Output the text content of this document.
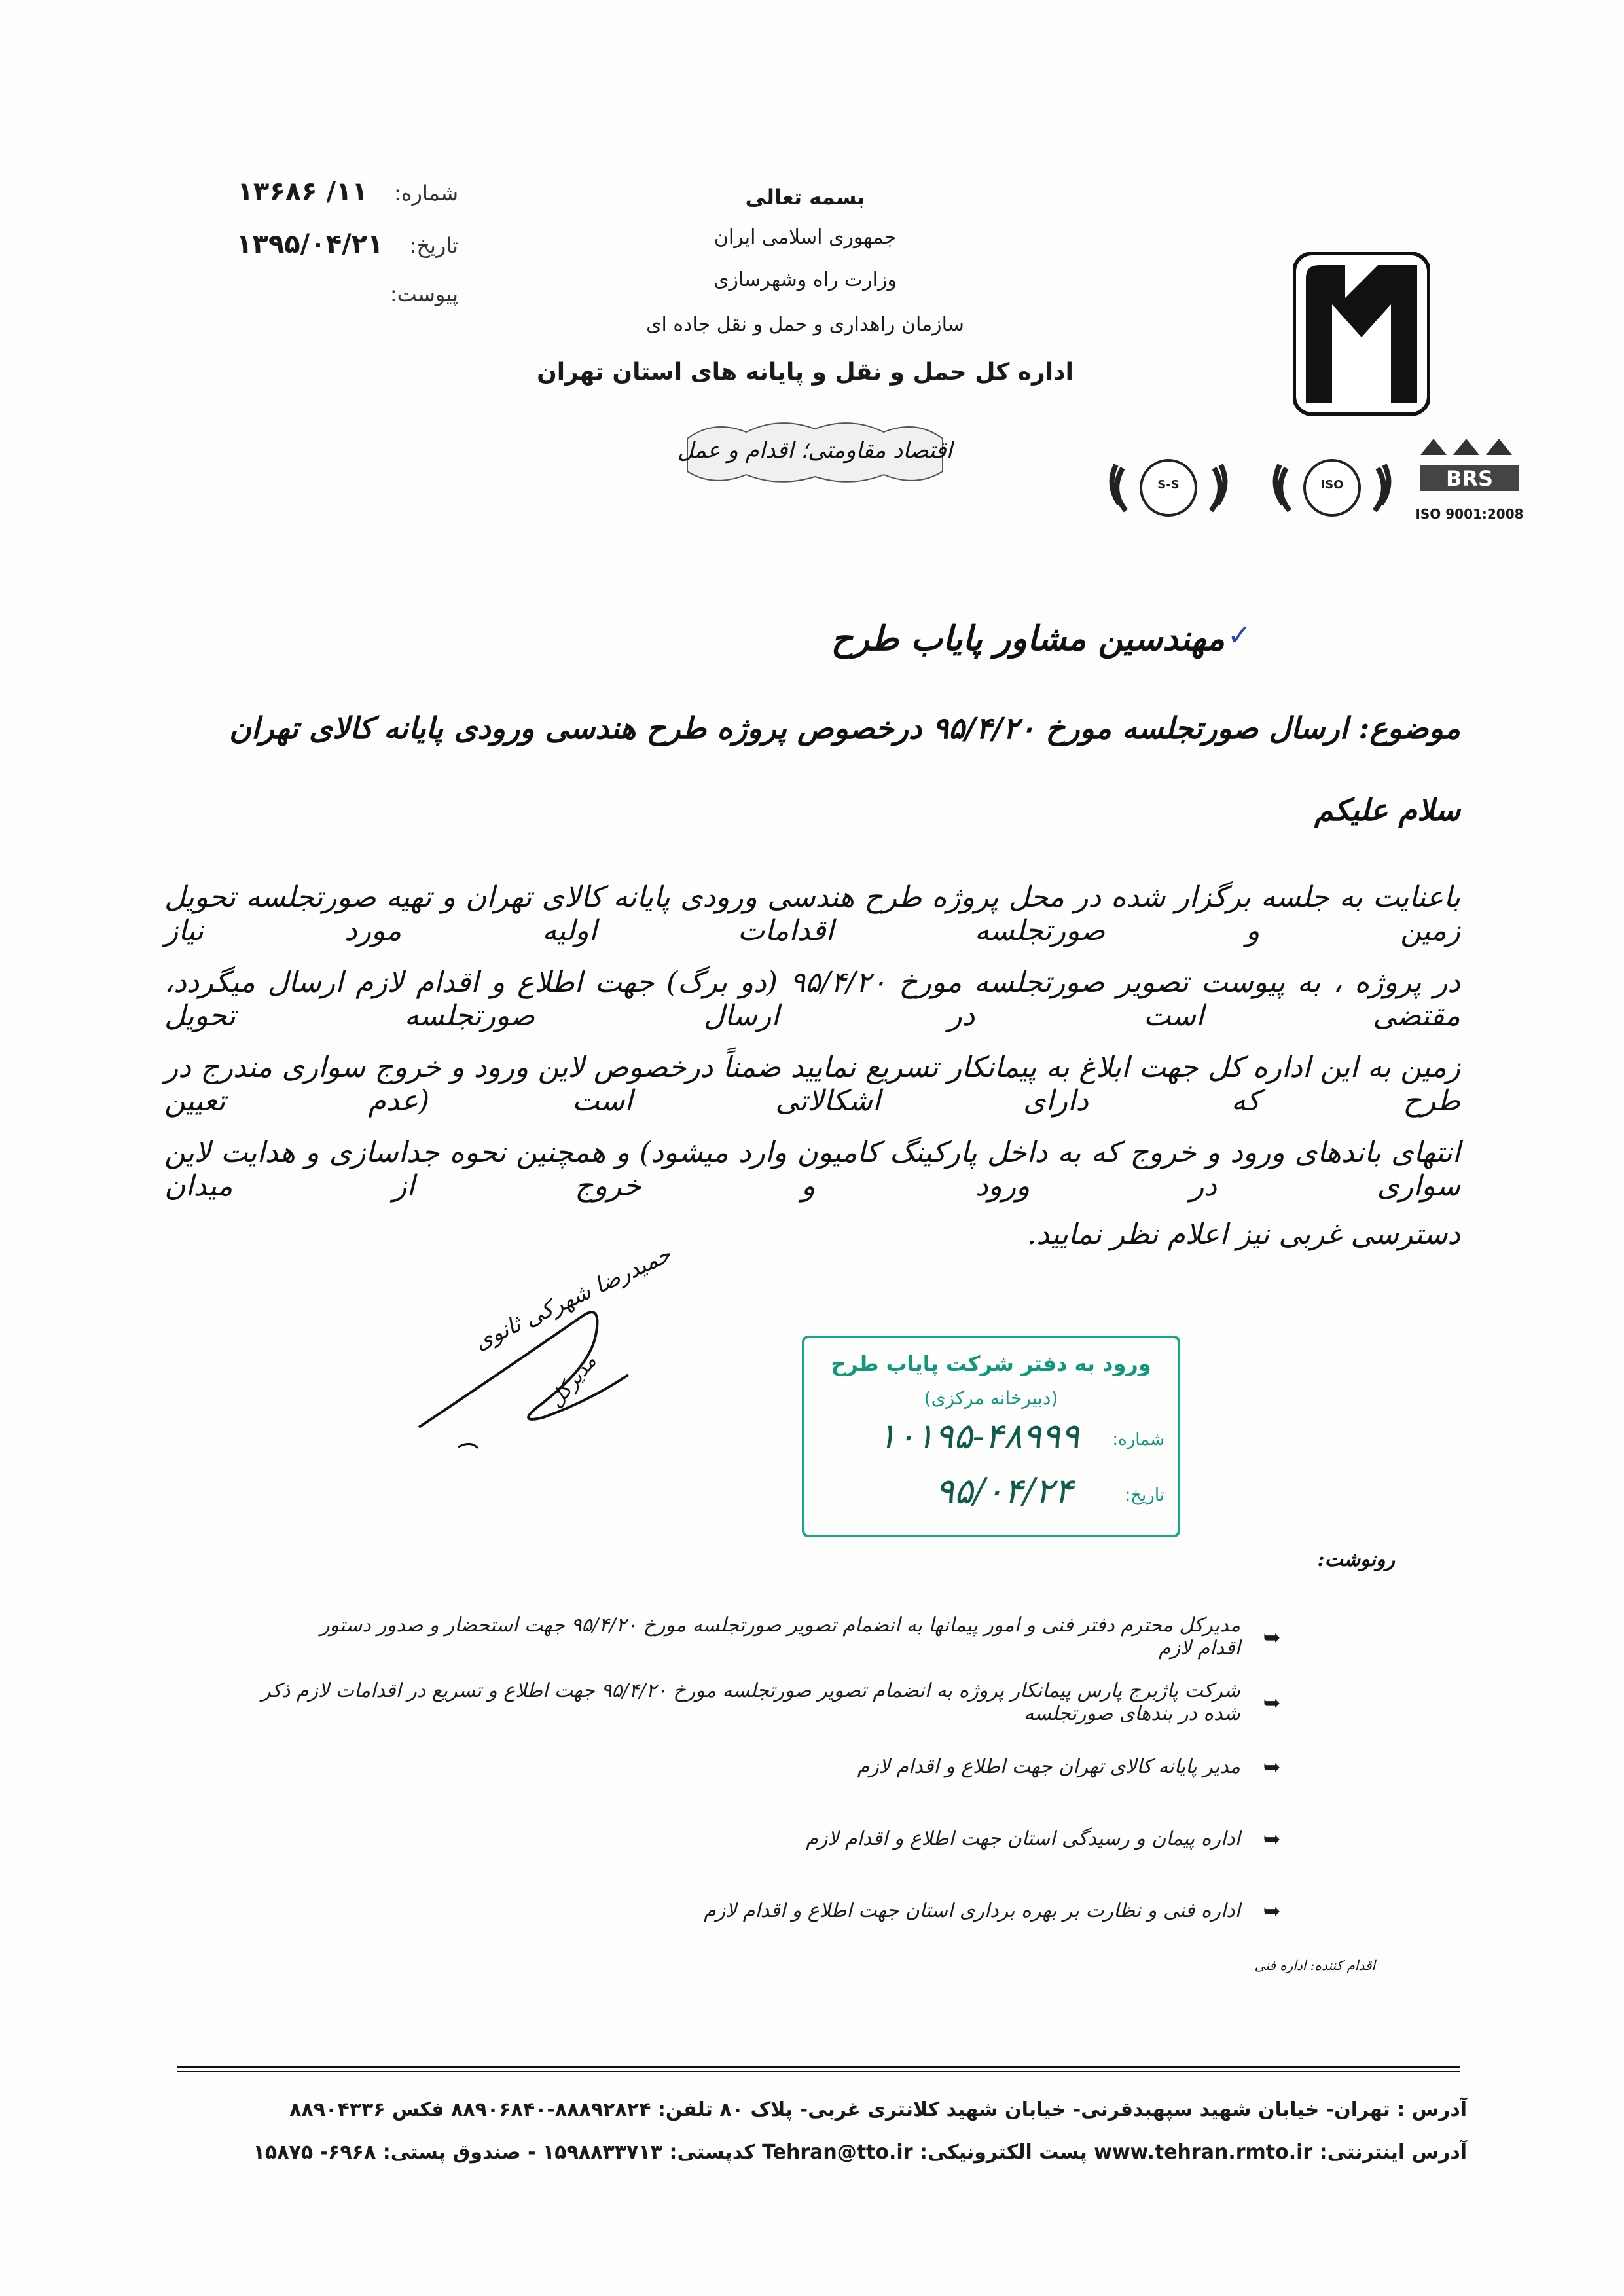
شماره:
۱۱/ ۱۳۶۸۶
تاریخ:
۱۳۹۵/۰۴/۲۱
پیوست:
بسمه تعالی
جمهوری اسلامی ایران
وزارت راه وشهرسازی
سازمان راهداری و حمل و نقل جاده ای
اداره کل حمل و نقل و پایانه های استان تهران
اقتصاد مقاومتی؛ اقدام و عمل
S-S	ISO	BRS
ISO 9001:2008
مهندسین مشاور پایاب طرح ✓
موضوع: ارسال صورتجلسه مورخ ۹۵/۴/۲۰ درخصوص پروژه طرح هندسی ورودی پایانه کالای تهران
سلام علیکم
باعنایت به جلسه برگزار شده در محل پروژه طرح هندسی ورودی پایانه کالای تهران و تهیه صورتجلسه تحویل زمین و صورتجلسه اقدامات اولیه مورد نیاز
در پروژه ، به پیوست تصویر صورتجلسه مورخ ۹۵/۴/۲۰ (دو برگ) جهت اطلاع و اقدام لازم ارسال میگردد، مقتضی است در ارسال صورتجلسه تحویل
زمین به این اداره کل جهت ابلاغ به پیمانکار تسریع نمایید ضمناً درخصوص لاین ورود و خروج سواری مندرج در طرح که دارای اشکالاتی است (عدم تعیین
انتهای باندهای ورود و خروج که به داخل پارکینگ کامیون وارد میشود) و همچنین نحوه جداسازی و هدایت لاین سواری در ورود و خروج از میدان
دسترسی غربی نیز اعلام نظر نمایید.
حمیدرضا شهرکی ثانوی
مدیرکل	ورود به دفتر شرکت پایاب طرح
(دبیرخانه مرکزی)
شماره:
۱۰۱۹۵-۴۸۹۹۹
تاریخ:
۹۵/۰۴/۲۴
رونوشت:
➥
مدیرکل محترم دفتر فنی و امور پیمانها به انضمام تصویر صورتجلسه مورخ ۹۵/۴/۲۰ جهت استحضار و صدور دستور اقدام لازم
➥
شرکت پاژبرج پارس پیمانکار پروژه به انضمام تصویر صورتجلسه مورخ ۹۵/۴/۲۰ جهت اطلاع و تسریع در اقدامات لازم ذکر شده در بندهای صورتجلسه
➥
مدیر پایانه کالای تهران جهت اطلاع و اقدام لازم
➥
اداره پیمان و رسیدگی استان جهت اطلاع و اقدام لازم
➥
اداره فنی و نظارت بر بهره برداری استان جهت اطلاع و اقدام لازم
اقدام کننده: اداره فنی
آدرس : تهران- خیابان شهید سپهبدقرنی- خیابان شهید کلانتری غربی- پلاک ۸۰ تلفن: ۸۸۸۹۲۸۲۴-۸۸۹۰۶۸۴۰ فکس ۸۸۹۰۴۳۳۶
آدرس اینترنتی: www.tehran.rmto.ir پست الکترونیکی: Tehran@tto.ir کدپستی: ۱۵۹۸۸۳۳۷۱۳ - صندوق پستی: ۶۹۶۸- ۱۵۸۷۵
